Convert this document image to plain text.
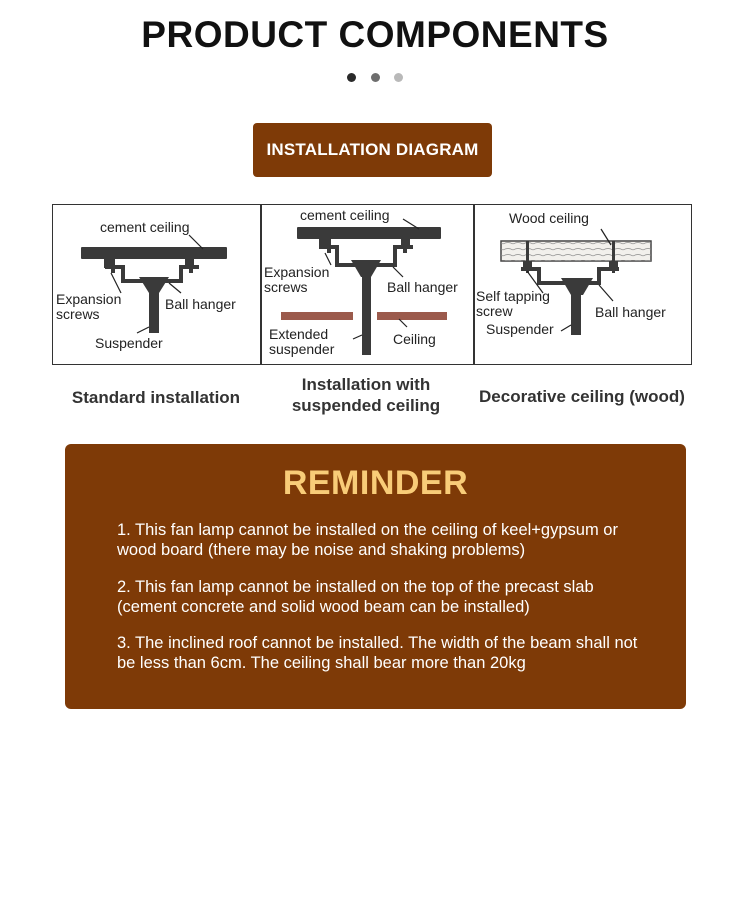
PRODUCT COMPONENTS

INSTALLATION DIAGRAM
cement ceiling
Expansion
screws
Ball hanger
Suspender
cement ceiling
Expansion
screws	Ball hanger
Extended
suspender
Ceiling
Wood ceiling
Self tapping
screw	Ball hanger
Suspender
Standard installation
Installation with
suspended ceiling	Decorative ceiling (wood)
REMINDER
1. This fan lamp cannot be installed on the ceiling of keel+gypsum or wood board (there may be noise and shaking problems)
2. This fan lamp cannot be installed on the top of the precast slab (cement concrete and solid wood beam can be installed)
3. The inclined roof cannot be installed. The width of the beam shall not be less than 6cm. The ceiling shall bear more than 20kg
